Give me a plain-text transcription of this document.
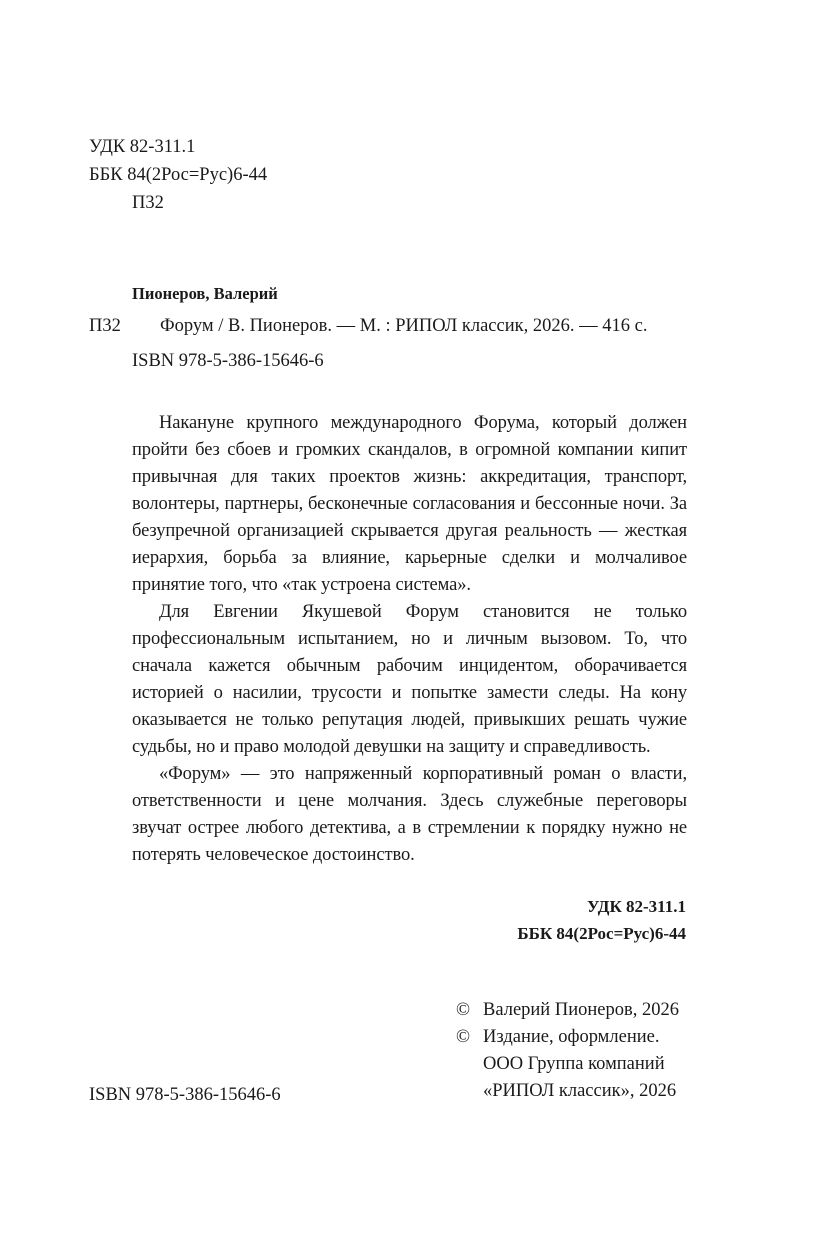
УДК 82-311.1
ББК 84(2Рос=Рус)6-44
П32
Пионеров, Валерий
П32 Форум / В. Пионеров. — М. : РИПОЛ классик, 2026. — 416 с.
ISBN 978-5-386-15646-6

Накануне крупного международного Форума, который должен пройти без сбоев и громких скандалов, в огромной компании кипит привычная для таких проектов жизнь: аккредитация, транспорт, волонтеры, партнеры, бесконечные согласования и бессонные ночи. За безупречной организацией скрывается другая реальность — жесткая иерархия, борьба за влияние, карьерные сделки и молчаливое принятие того, что «так устроена система».

Для Евгении Якушевой Форум становится не только профессиональным испытанием, но и личным вызовом. То, что сначала кажется обычным рабочим инцидентом, оборачивается историей о насилии, трусости и попытке замести следы. На кону оказывается не только репутация людей, привыкших решать чужие судьбы, но и право молодой девушки на защиту и справедливость.

«Форум» — это напряженный корпоративный роман о власти, ответственности и цене молчания. Здесь служебные переговоры звучат острее любого детектива, а в стремлении к порядку нужно не потерять человеческое достоинство.

УДК 82-311.1
ББК 84(2Рос=Рус)6-44
© Валерий Пионеров, 2026
© Издание, оформление.
ООО Группа компаний
«РИПОЛ классик», 2026
ISBN 978-5-386-15646-6
